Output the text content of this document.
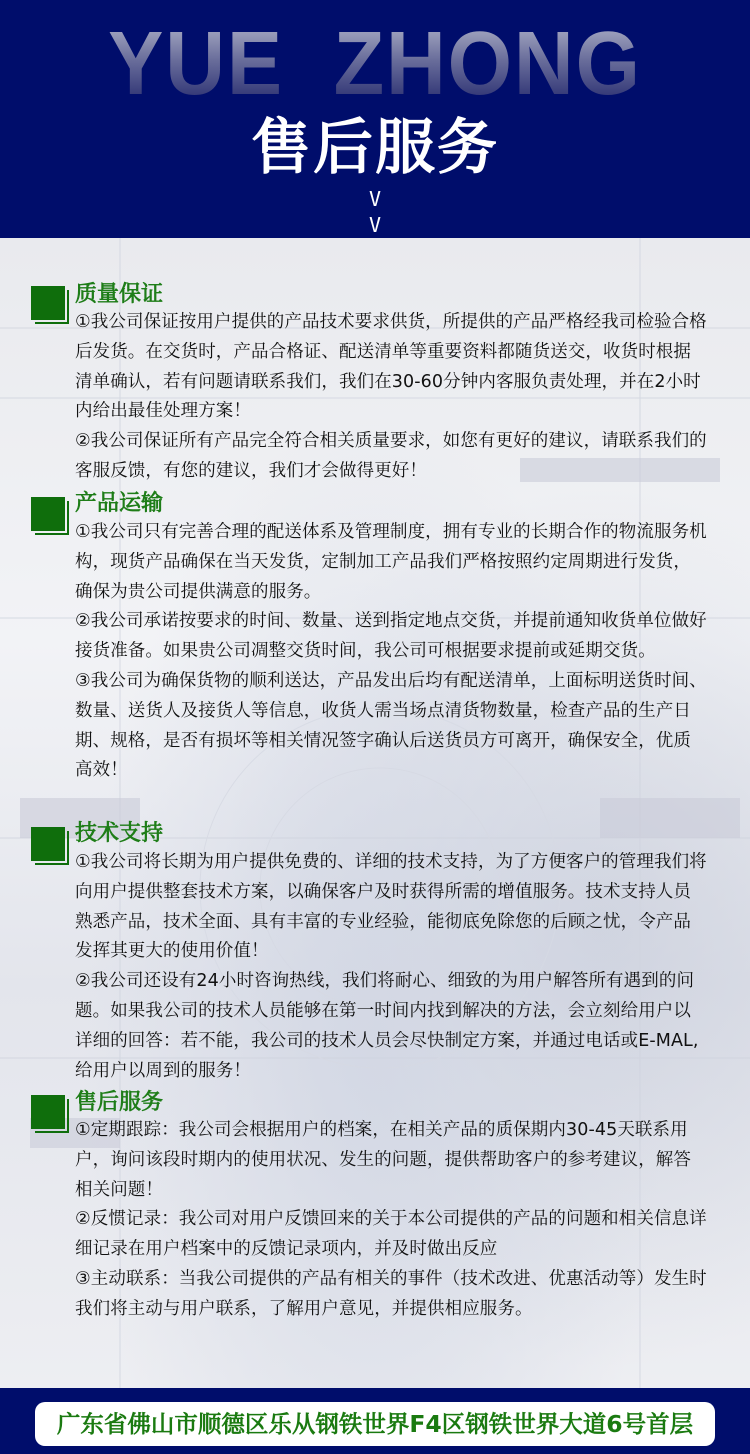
YUE  ZHONG
售后服务
V
V
质量保证

①我公司保证按用户提供的产品技术要求供货，所提供的产品严格经我司检验合格后发货。在交货时，产品合格证、配送清单等重要资料都随货送交，收货时根据清单确认，若有问题请联系我们，我们在30-60分钟内客服负责处理，并在2小时内给出最佳处理方案！

②我公司保证所有产品完全符合相关质量要求，如您有更好的建议，请联系我们的客服反馈，有您的建议，我们才会做得更好！

产品运输

①我公司只有完善合理的配送体系及管理制度，拥有专业的长期合作的物流服务机构，现货产品确保在当天发货，定制加工产品我们严格按照约定周期进行发货，确保为贵公司提供满意的服务。

②我公司承诺按要求的时间、数量、送到指定地点交货，并提前通知收货单位做好接货准备。如果贵公司凋整交货时间，我公司可根据要求提前或延期交货。

③我公司为确保货物的顺利送达，产品发出后均有配送清单，上面标明送货时间、数量、送货人及接货人等信息，收货人需当场点清货物数量，检查产品的生产日期、规格，是否有损坏等相关情况签字确认后送货员方可离开，确保安全，优质高效！

技术支持

①我公司将长期为用户提供免费的、详细的技术支持，为了方便客户的管理我们将向用户提供整套技术方案，以确保客户及时获得所需的增值服务。技术支持人员熟悉产品，技术全面、具有丰富的专业经验，能彻底免除您的后顾之忧，令产品发挥其更大的使用价值！

②我公司还设有24小时咨询热线，我们将耐心、细致的为用户解答所有遇到的问题。如果我公司的技术人员能够在第一时间内找到解决的方法，会立刻给用户以详细的回答：若不能，我公司的技术人员会尽快制定方案，并通过电话或E-MAL,给用户以周到的服务！

售后服务

①定期跟踪：我公司会根据用户的档案，在相关产品的质保期内30-45天联系用户，询问该段时期内的使用状况、发生的问题，提供帮助客户的参考建议，解答相关问题！

②反惯记录：我公司对用户反馈回来的关于本公司提供的产品的问题和相关信息详细记录在用户档案中的反馈记录项内，并及时做出反应

③主动联系：当我公司提供的产品有相关的事件（技术改进、优惠活动等）发生时我们将主动与用户联系，了解用户意见，并提供相应服务。

广东省佛山市顺德区乐从钢铁世界F4区钢铁世界大道6号首层
